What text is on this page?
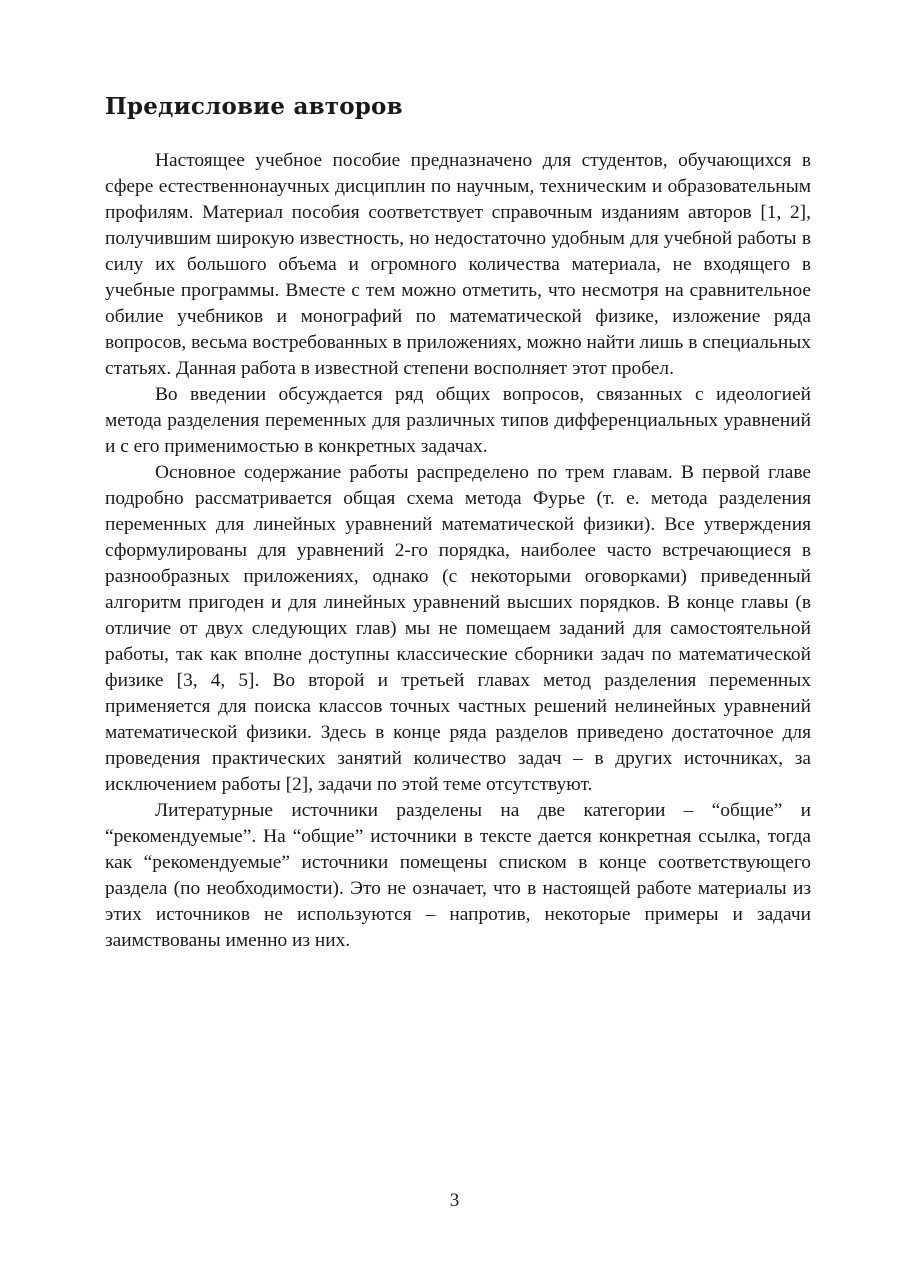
Предисловие авторов

Настоящее учебное пособие предназначено для студентов, обучающихся в сфере естественнонаучных дисциплин по научным, техническим и образовательным профилям. Материал пособия соответствует справочным изданиям авторов [1, 2], получившим широкую известность, но недостаточно удобным для учебной работы в силу их большого объема и огромного количества материала, не входящего в учебные программы. Вместе с тем можно отметить, что несмотря на сравнительное обилие учебников и монографий по математической физике, изложение ряда вопросов, весьма востребованных в приложениях, можно найти лишь в специальных статьях. Данная работа в известной степени восполняет этот пробел.

Во введении обсуждается ряд общих вопросов, связанных с идеологией метода разделения переменных для различных типов дифференциальных уравнений и с его применимостью в конкретных задачах.

Основное содержание работы распределено по трем главам. В первой главе подробно рассматривается общая схема метода Фурье (т. е. метода разделения переменных для линейных уравнений математической физики). Все утверждения сформулированы для уравнений 2-го порядка, наиболее часто встречающиеся в разнообразных приложениях, однако (с некоторыми оговорками) приведенный алгоритм пригоден и для линейных уравнений высших порядков. В конце главы (в отличие от двух следующих глав) мы не помещаем заданий для самостоятельной работы, так как вполне доступны классические сборники задач по математической физике [3, 4, 5]. Во второй и третьей главах метод разделения переменных применяется для поиска классов точных частных решений нелинейных уравнений математической физики. Здесь в конце ряда разделов приведено достаточное для проведения практических занятий количество задач – в других источниках, за исключением работы [2], задачи по этой теме отсутствуют.

Литературные источники разделены на две категории – “общие” и “рекомендуемые”. На “общие” источники в тексте дается конкретная ссылка, тогда как “рекомендуемые” источники помещены списком в конце соответствующего раздела (по необходимости). Это не означает, что в настоящей работе материалы из этих источников не используются – напротив, некоторые примеры и задачи заимствованы именно из них.

3
